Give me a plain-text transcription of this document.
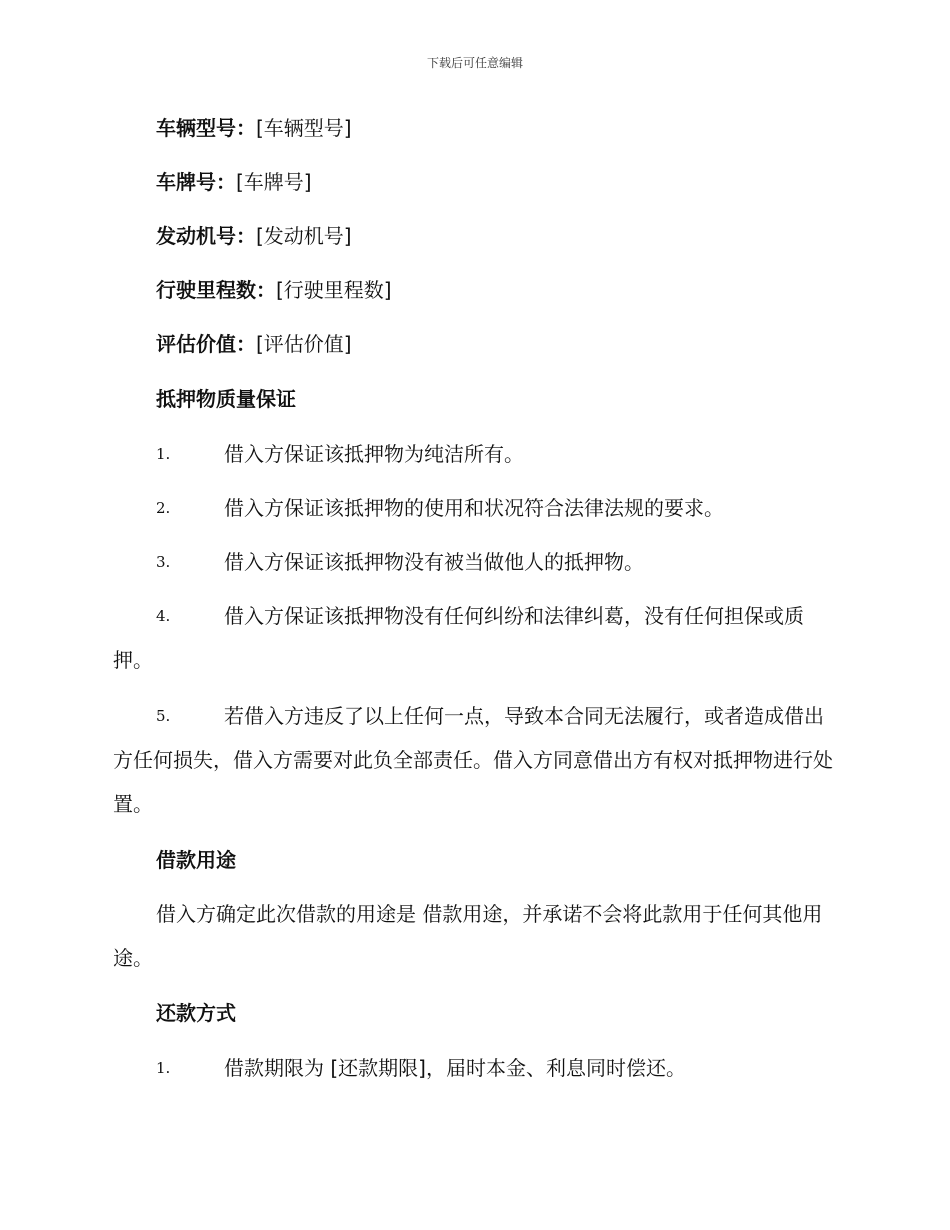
下载后可任意编辑
车辆型号：[车辆型号]
车牌号：[车牌号]
发动机号：[发动机号]
行驶里程数：[行驶里程数]
评估价值：[评估价值]
抵押物质量保证
1.	借入方保证该抵押物为纯洁所有。
2.	借入方保证该抵押物的使用和状况符合法律法规的要求。
3.	借入方保证该抵押物没有被当做他人的抵押物。
4.	借入方保证该抵押物没有任何纠纷和法律纠葛，没有任何担保或质押。
5.	若借入方违反了以上任何一点，导致本合同无法履行，或者造成借出方任何损失，借入方需要对此负全部责任。借入方同意借出方有权对抵押物进行处置。
借款用途
借入方确定此次借款的用途是 借款用途，并承诺不会将此款用于任何其他用途。
还款方式
1.	借款期限为 [还款期限]，届时本金、利息同时偿还。
